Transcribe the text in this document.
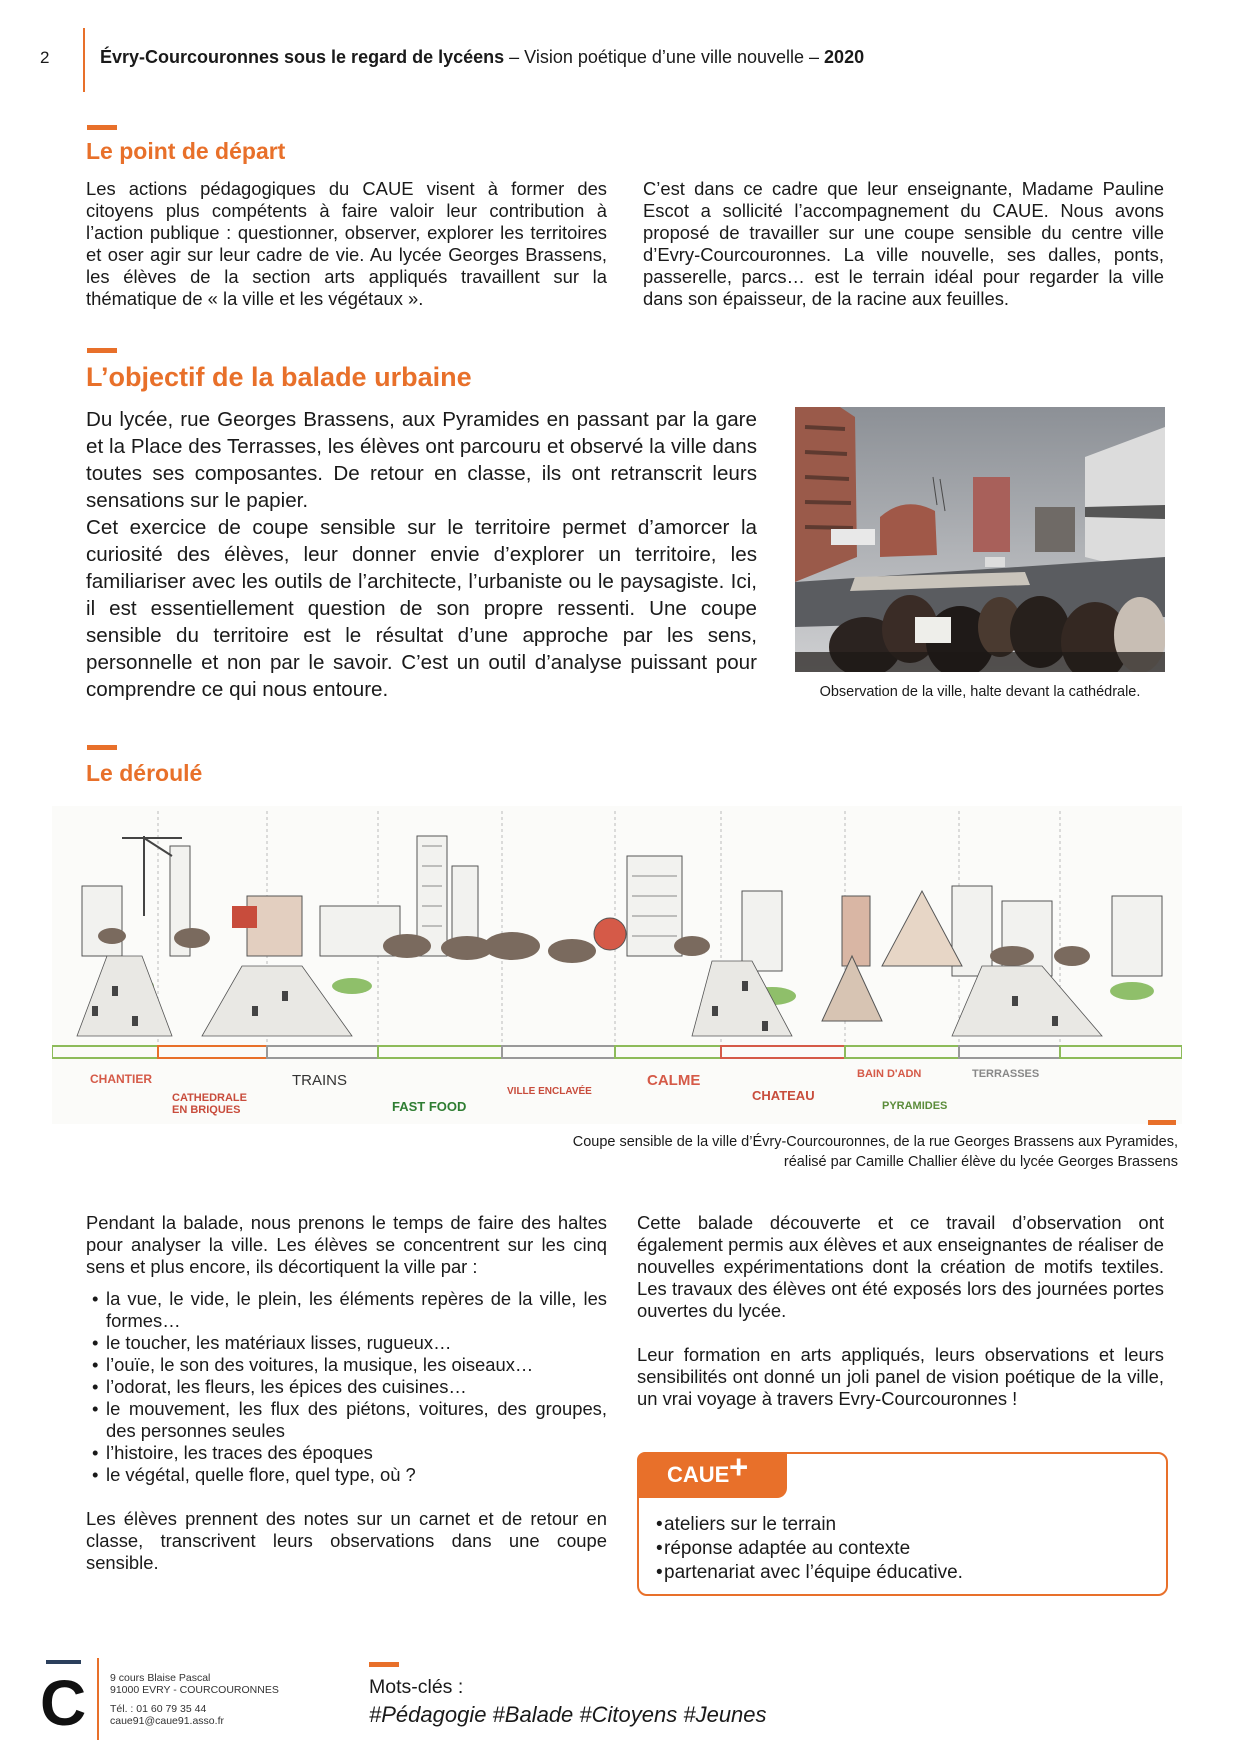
2	Évry-Courcouronnes sous le regard de lycéens – Vision poétique d’une ville nouvelle – 2020
Le point de départ
Les actions pédagogiques du CAUE visent à former des citoyens plus compétents à faire valoir leur contribution à l’action publique : questionner, observer, explorer les territoires et oser agir sur leur cadre de vie. Au lycée Georges Brassens, les élèves de la section arts appliqués travaillent sur la thématique de « la ville et les végétaux ».
C’est dans ce cadre que leur enseignante, Madame Pauline Escot a sollicité l’accompagnement du CAUE. Nous avons proposé de travailler sur une coupe sensible du centre ville d’Evry-Courcouronnes. La ville nouvelle, ses dalles, ponts, passerelle, parcs… est le terrain idéal pour regarder la ville dans son épaisseur, de la racine aux feuilles.
L’objectif de la balade urbaine
Du lycée, rue Georges Brassens, aux Pyramides en passant par la gare et la Place des Terrasses, les élèves ont parcouru et observé la ville dans toutes ses composantes. De retour en classe, ils ont retranscrit leurs sensations sur le papier.
Cet exercice de coupe sensible sur le territoire permet d’amorcer la curiosité des élèves, leur donner envie d’explorer un territoire, les familiariser avec les outils de l’architecte, l’urbaniste ou le paysagiste. Ici, il est essentiellement question de son propre ressenti. Une coupe sensible du territoire est le résultat d’une approche par les sens, personnelle et non par le savoir. C’est un outil d’analyse puissant pour comprendre ce qui nous entoure.	Observation de la ville, halte devant la cathédrale.
Le déroulé
CHANTIER
CATHEDRALE EN BRIQUES
TRAINS
FAST FOOD
VILLE ENCLAVÉE
CALME
CHATEAU
BAIN D'ADN
PYRAMIDES
TERRASSES
Coupe sensible de la ville d’Évry-Courcouronnes, de la rue Georges Brassens aux Pyramides,
réalisé par Camille Challier élève du lycée Georges Brassens
Pendant la balade, nous prenons le temps de faire des haltes pour analyser la ville. Les élèves se concentrent sur les cinq sens et plus encore, ils décortiquent la ville par :
• la vue, le vide, le plein, les éléments repères de la ville, les formes…
• le toucher, les matériaux lisses, rugueux…
• l’ouïe, le son des voitures, la musique, les oiseaux…
• l’odorat, les fleurs, les épices des cuisines…
• le mouvement, les flux des piétons, voitures, des groupes, des personnes seules
• l’histoire, les traces des époques
• le végétal, quelle flore, quel type, où ?
Les élèves prennent des notes sur un carnet et de retour en classe, transcrivent leurs observations dans une coupe sensible.
Cette balade découverte et ce travail d’observation ont également permis aux élèves et aux enseignantes de réaliser de nouvelles expérimentations dont la création de motifs textiles. Les travaux des élèves ont été exposés lors des journées portes ouvertes du lycée.
Leur formation en arts appliqués, leurs observations et leurs sensibilités ont donné un joli panel de vision poétique de la ville, un vrai voyage à travers Evry-Courcouronnes !
CAUE +
• ateliers sur le terrain
• réponse adaptée au contexte
• partenariat avec l’équipe éducative.
C 9 cours Blaise Pascal
91000 EVRY - COURCOURONNES
Tél. : 01 60 79 35 44
caue91@caue91.asso.fr
Mots-clés :
#Pédagogie #Balade #Citoyens #Jeunes
